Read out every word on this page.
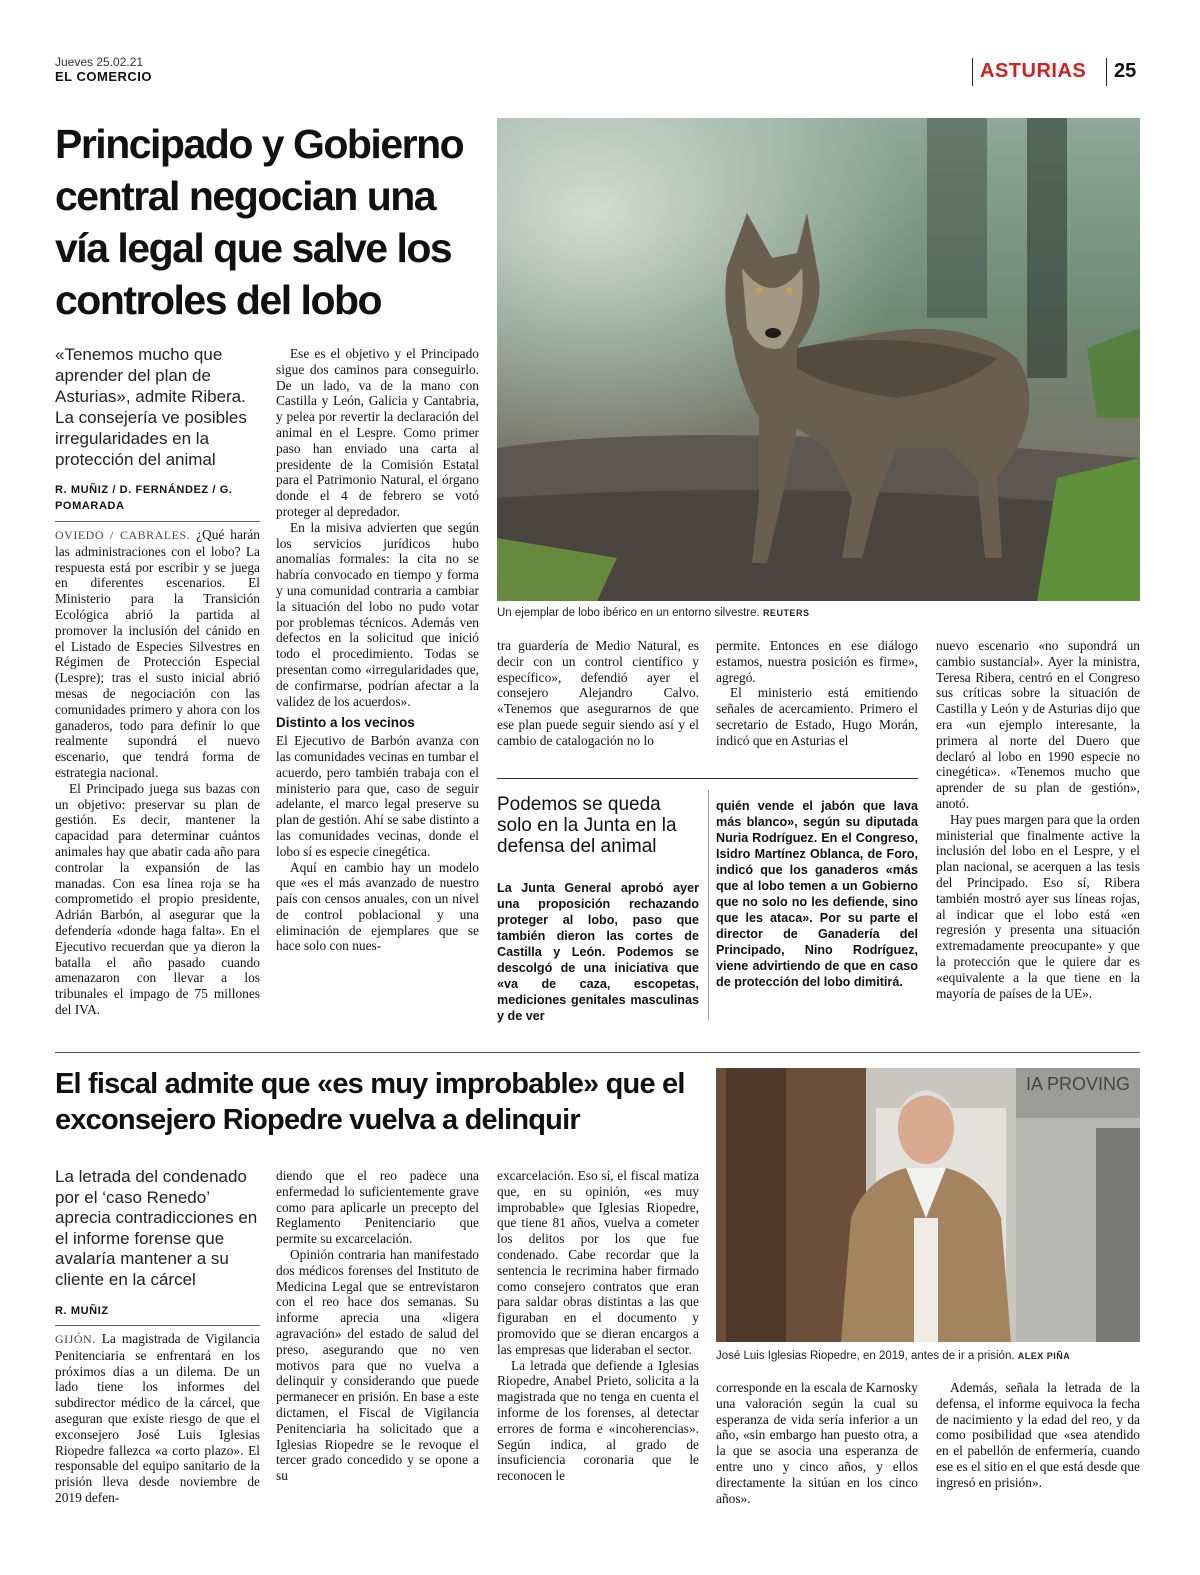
Jueves 25.02.21
EL COMERCIO	ASTURIAS 25
Principado y Gobierno central negocian una vía legal que salve los controles del lobo
Un ejemplar de lobo ibérico en un entorno silvestre. REUTERS
«Tenemos mucho que aprender del plan de Asturias», admite Ribera. La consejería ve posibles irregularidades en la protección del animal
R. MUÑIZ / D. FERNÁNDEZ / G. POMARADA

OVIEDO / CABRALES. ¿Qué harán las administraciones con el lobo? La respuesta está por escribir y se juega en diferentes escenarios. El Ministerio para la Transición Ecológica abrió la partida al promover la inclusión del cánido en el Listado de Especies Silvestres en Régimen de Protección Especial (Lespre); tras el susto inicial abrió mesas de negociación con las comunidades primero y ahora con los ganaderos, todo para definir lo que realmente supondrá el nuevo escenario, que tendrá forma de estrategia nacional.

El Principado juega sus bazas con un objetivo: preservar su plan de gestión. Es decir, mantener la capacidad para determinar cuántos animales hay que abatir cada año para controlar la expansión de las manadas. Con esa línea roja se ha comprometido el propio presidente, Adrián Barbón, al asegurar que la defendería «donde haga falta». En el Ejecutivo recuerdan que ya dieron la batalla el año pasado cuando amenazaron con llevar a los tribunales el impago de 75 millones del IVA.

Ese es el objetivo y el Principado sigue dos caminos para conseguirlo. De un lado, va de la mano con Castilla y León, Galicia y Cantabria, y pelea por revertir la declaración del animal en el Lespre. Como primer paso han enviado una carta al presidente de la Comisión Estatal para el Patrimonio Natural, el órgano donde el 4 de febrero se votó proteger al depredador.

En la misiva advierten que según los servicios jurídicos hubo anomalías formales: la cita no se habría convocado en tiempo y forma y una comunidad contraria a cambiar la situación del lobo no pudo votar por problemas técnicos. Además ven defectos en la solicitud que inició todo el procedimiento. Todas se presentan como «irregularidades que, de confirmarse, podrían afectar a la validez de los acuerdos».

Distinto a los vecinos

El Ejecutivo de Barbón avanza con las comunidades vecinas en tumbar el acuerdo, pero también trabaja con el ministerio para que, caso de seguir adelante, el marco legal preserve su plan de gestión. Ahí se sabe distinto a las comunidades vecinas, donde el lobo sí es especie cinegética.

Aquí en cambio hay un modelo que «es el más avanzado de nuestro país con censos anuales, con un nivel de control poblacional y una eliminación de ejemplares que se hace solo con nues-

tra guardería de Medio Natural, es decir con un control científico y específico», defendió ayer el consejero Alejandro Calvo. «Tenemos que asegurarnos de que ese plan puede seguir siendo así y el cambio de catalogación no lo

permite. Entonces en ese diálogo estamos, nuestra posición es firme», agregó.

El ministerio está emitiendo señales de acercamiento. Primero el secretario de Estado, Hugo Morán, indicó que en Asturias el

nuevo escenario «no supondrá un cambio sustancial». Ayer la ministra, Teresa Ribera, centró en el Congreso sus críticas sobre la situación de Castilla y León y de Asturias dijo que era «un ejemplo interesante, la primera al norte del Duero que declaró al lobo en 1990 especie no cinegética». «Tenemos mucho que aprender de su plan de gestión», anotó.

Hay pues margen para que la orden ministerial que finalmente active la inclusión del lobo en el Lespre, y el plan nacional, se acerquen a las tesis del Principado. Eso sí, Ribera también mostró ayer sus líneas rojas, al indicar que el lobo está «en regresión y presenta una situación extremadamente preocupante» y que la protección que le quiere dar es «equivalente a la que tiene en la mayoría de países de la UE».

Podemos se queda solo en la Junta en la defensa del animal
La Junta General aprobó ayer una proposición rechazando proteger al lobo, paso que también dieron las cortes de Castilla y León. Podemos se descolgó de una iniciativa que «va de caza, escopetas, mediciones genitales masculinas y de ver
quién vende el jabón que lava más blanco», según su diputada Nuria Rodríguez. En el Congreso, Isidro Martínez Oblanca, de Foro, indicó que los ganaderos «más que al lobo temen a un Gobierno que no solo no les defiende, sino que les ataca». Por su parte el director de Ganadería del Principado, Nino Rodríguez, viene advirtiendo de que en caso de protección del lobo dimitirá.
El fiscal admite que «es muy improbable» que el exconsejero Riopedre vuelva a delinquir
IA PROVING
José Luis Iglesias Riopedre, en 2019, antes de ir a prisión. ALEX PIÑA
La letrada del condenado por el ‘caso Renedo’ aprecia contradicciones en el informe forense que avalaría mantener a su cliente en la cárcel
R. MUÑIZ

GIJÓN. La magistrada de Vigilancia Penitenciaria se enfrentará en los próximos días a un dilema. De un lado tiene los informes del subdirector médico de la cárcel, que aseguran que existe riesgo de que el exconsejero José Luis Iglesias Riopedre fallezca «a corto plazo». El responsable del equipo sanitario de la prisión lleva desde noviembre de 2019 defen-

diendo que el reo padece una enfermedad lo suficientemente grave como para aplicarle un precepto del Reglamento Penitenciario que permite su excarcelación.

Opinión contraria han manifestado dos médicos forenses del Instituto de Medicina Legal que se entrevistaron con el reo hace dos semanas. Su informe aprecia una «ligera agravación» del estado de salud del preso, asegurando que no ven motivos para que no vuelva a delinquir y considerando que puede permanecer en prisión. En base a este dictamen, el Fiscal de Vigilancia Penitenciaria ha solicitado que a Iglesias Riopedre se le revoque el tercer grado concedido y se opone a su

excarcelación. Eso sí, el fiscal matiza que, en su opinión, «es muy improbable» que Iglesias Riopedre, que tiene 81 años, vuelva a cometer los delitos por los que fue condenado. Cabe recordar que la sentencia le recrimina haber firmado como consejero contratos que eran para saldar obras distintas a las que figuraban en el documento y promovido que se dieran encargos a las empresas que lideraban el sector.

La letrada que defiende a Iglesias Riopedre, Anabel Prieto, solicita a la magistrada que no tenga en cuenta el informe de los forenses, al detectar errores de forma e «incoherencias». Según indica, al grado de insuficiencia coronaria que le reconocen le

corresponde en la escala de Karnosky una valoración según la cual su esperanza de vida sería inferior a un año, «sin embargo han puesto otra, a la que se asocia una esperanza de entre uno y cinco años, y ellos directamente la sitúan en los cinco años».

Además, señala la letrada de la defensa, el informe equivoca la fecha de nacimiento y la edad del reo, y da como posibilidad que «sea atendido en el pabellón de enfermería, cuando ese es el sitio en el que está desde que ingresó en prisión».
